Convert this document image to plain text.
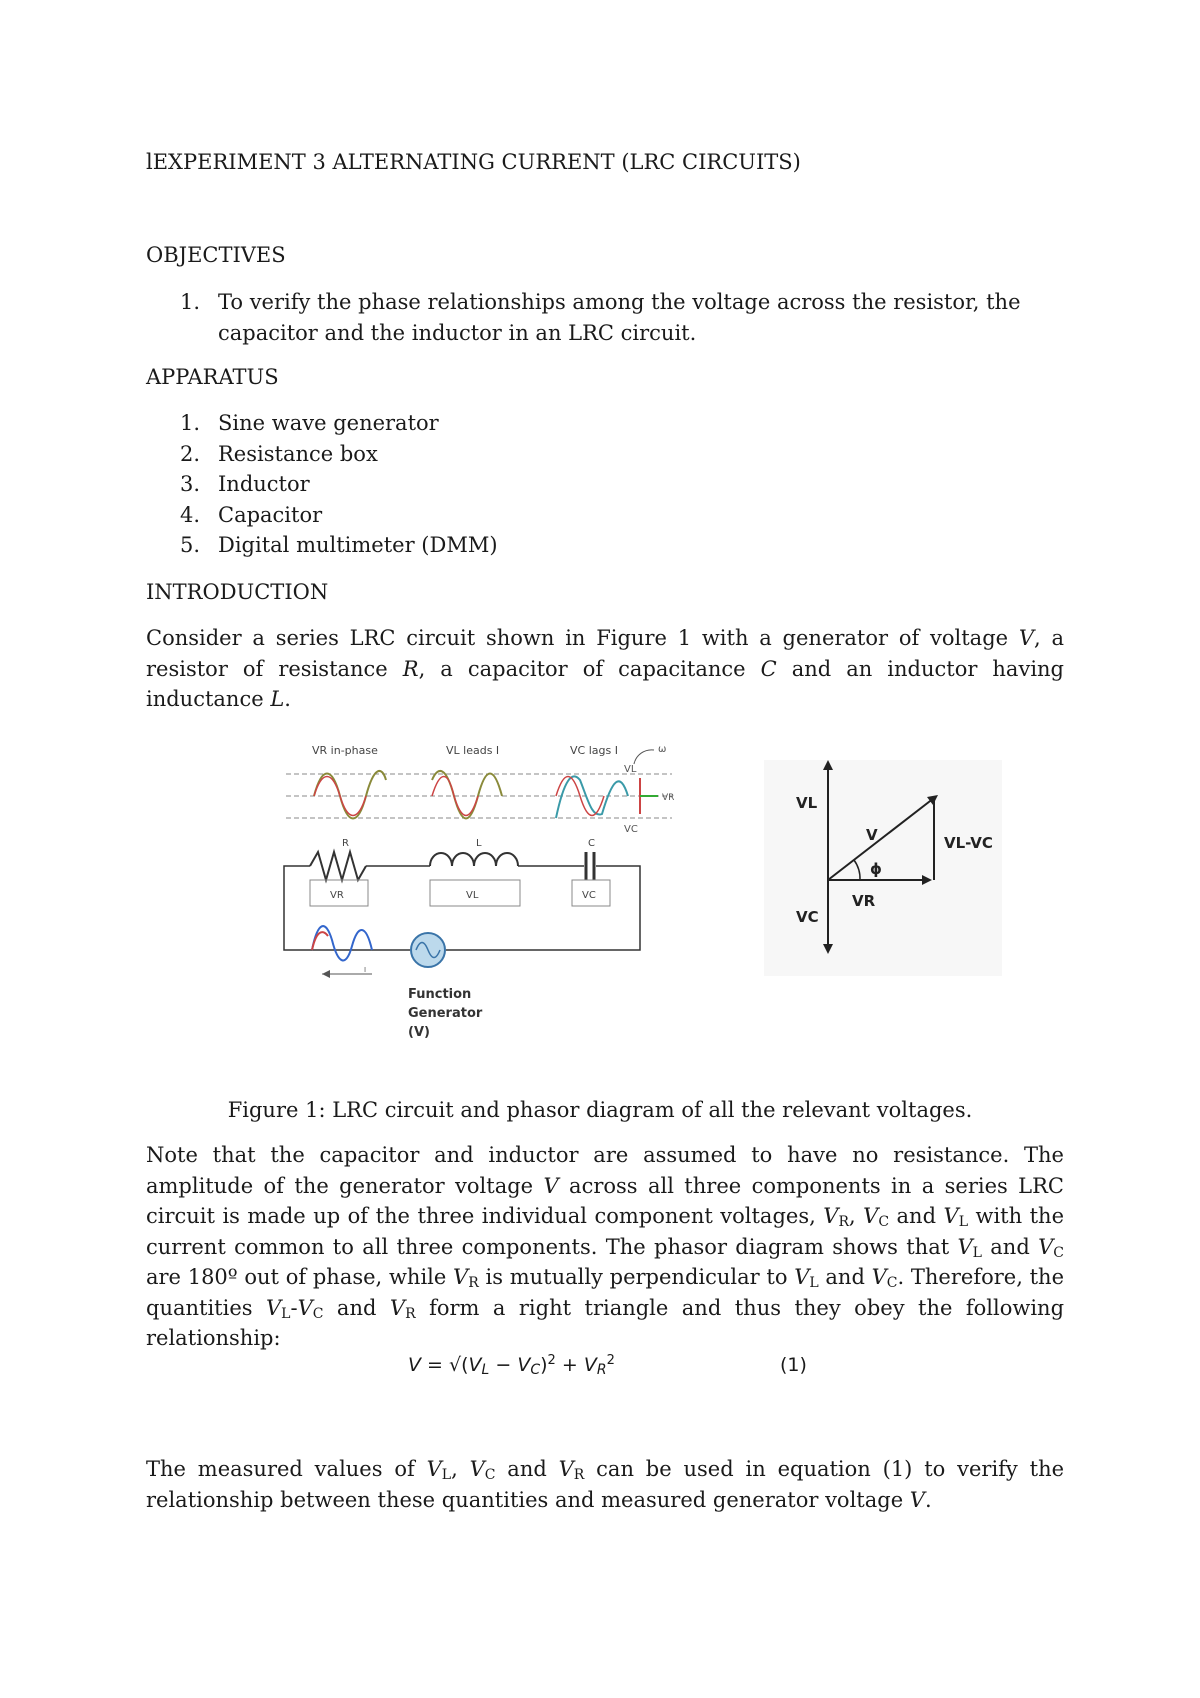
lEXPERIMENT 3 ALTERNATING CURRENT (LRC CIRCUITS)
OBJECTIVES
1. To verify the phase relationships among the voltage across the resistor, the capacitor and the inductor in an LRC circuit.
APPARATUS
1. Sine wave generator
2. Resistance box
3. Inductor
4. Capacitor
5. Digital multimeter (DMM)
INTRODUCTION
Consider a series LRC circuit shown in Figure 1 with a generator of voltage V, a resistor of resistance R, a capacitor of capacitance C and an inductor having inductance L.
VR in-phase	VL leads I	VC lags I	ω
VL
VR
VC
R	L	C
VR	VL	VC
I
Function
Generator
(V)
VL
V	VL-VC
ϕ
VC
VR
Figure 1: LRC circuit and phasor diagram of all the relevant voltages.
Note that the capacitor and inductor are assumed to have no resistance. The amplitude of the generator voltage V across all three components in a series LRC circuit is made up of the three individual component voltages, $V_R$, $V_C$ and $V_L$ with the current common to all three components. The phasor diagram shows that $V_L$ and $V_C$ are 180º out of phase, while $V_R$ is mutually perpendicular to $V_L$ and $V_C$. Therefore, the quantities $V_L-V_C$ and $V_R$ form a right triangle and thus they obey the following relationship:
$V = √(V_L - V_C)^2 + V_R^2$	(1)
The measured values of $V_L$, $V_C$ and $V_R$ can be used in equation (1) to verify the relationship between these quantities and measured generator voltage V.
